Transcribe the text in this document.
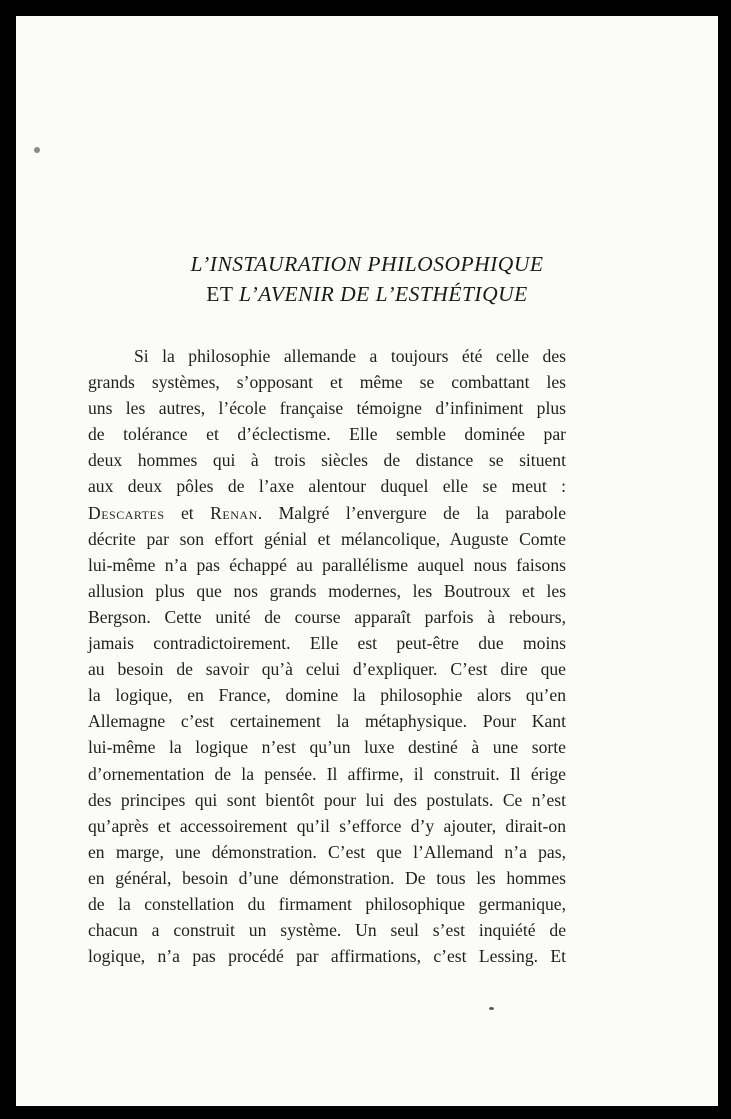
L’INSTAURATION PHILOSOPHIQUE
ET L’AVENIR DE L’ESTHÉTIQUE
Si la philosophie allemande a toujours été celle des
grands systèmes, s’opposant et même se combattant les
uns les autres, l’école française témoigne d’infiniment plus
de tolérance et d’éclectisme. Elle semble dominée par
deux hommes qui à trois siècles de distance se situent
aux deux pôles de l’axe alentour duquel elle se meut :
Descartes et Renan. Malgré l’envergure de la parabole
décrite par son effort génial et mélancolique, Auguste Comte
lui-même n’a pas échappé au parallélisme auquel nous faisons
allusion plus que nos grands modernes, les Boutroux et les
Bergson. Cette unité de course apparaît parfois à rebours,
jamais contradictoirement. Elle est peut-être due moins
au besoin de savoir qu’à celui d’expliquer. C’est dire que
la logique, en France, domine la philosophie alors qu’en
Allemagne c’est certainement la métaphysique. Pour Kant
lui-même la logique n’est qu’un luxe destiné à une sorte
d’ornementation de la pensée. Il affirme, il construit. Il érige
des principes qui sont bientôt pour lui des postulats. Ce n’est
qu’après et accessoirement qu’il s’efforce d’y ajouter, dirait-on
en marge, une démonstration. C’est que l’Allemand n’a pas,
en général, besoin d’une démonstration. De tous les hommes
de la constellation du firmament philosophique germanique,
chacun a construit un système. Un seul s’est inquiété de
logique, n’a pas procédé par affirmations, c’est Lessing. Et
